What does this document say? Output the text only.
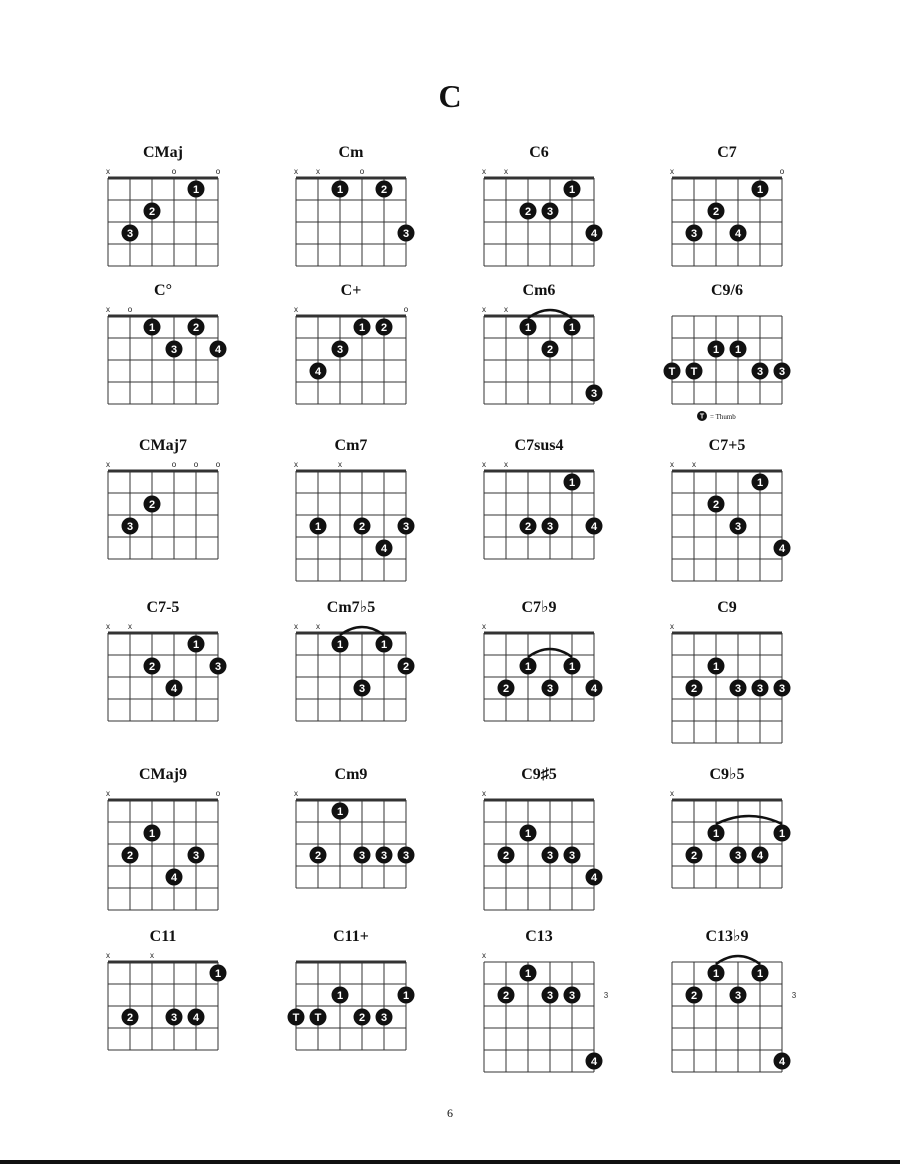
C
CMaj
x	o	o
1
2
3
Cm
x x	o
1	2
3
C6
x x
1
2 3
4
C7
x	o
1
2
3	4
C°
x o
1	2
3	4
C+
x	o
1 2
3
4
Cm6
x x
1	1
2
3
C9/6
T T
1 1
3 3
T = Thumb
CMaj7
x	o o o
2
3
Cm7
x	x
1	2	3
4
C7sus4
x x
1
2 3	4
C7+5
x x
1
2
3
4
C7-5
x x
1
2	3
4
Cm7♭5
x x
1	1
2
3
C7♭9
x
1	1
2	3	4
C9
x
1
2	3 3 3
CMaj9
x	o
1
2	3
4
Cm9
x
1
2	3 3 3
C9♯5
x
1
2	3 3
4
C9♭5
x
1	1
2	3 4
C11
x	x
1
2	3 4
C11+
1	1
T T	2 3
C13
x
1
2	3 3
4
3
C13♭9
1	1
2	3
4
3
6
